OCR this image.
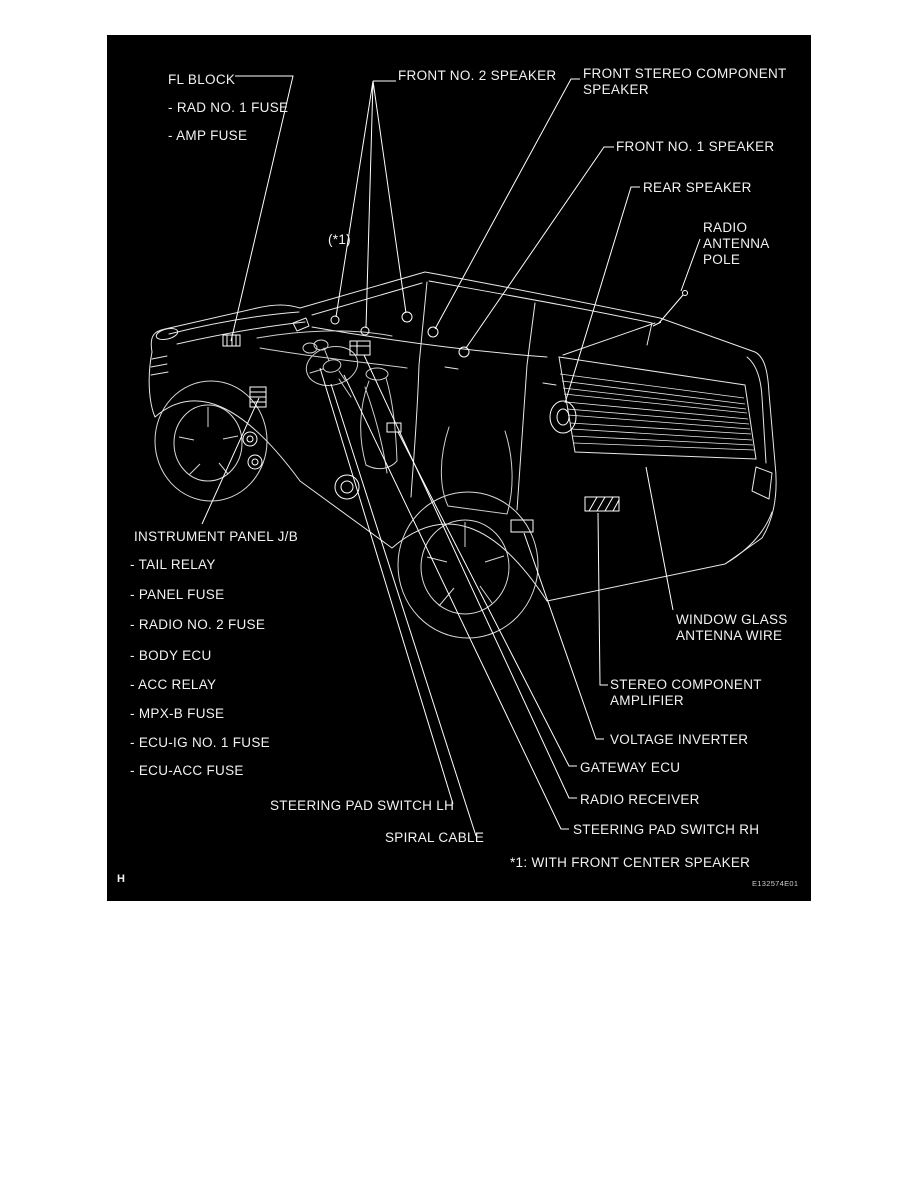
FL BLOCK
- RAD NO. 1 FUSE
- AMP FUSE
FRONT NO. 2 SPEAKER FRONT STEREO COMPONENT SPEAKER
FRONT NO. 1 SPEAKER
REAR SPEAKER
RADIO ANTENNA POLE
(*1)
INSTRUMENT PANEL J/B
- TAIL RELAY
- PANEL FUSE
- RADIO NO. 2 FUSE
- BODY ECU
- ACC RELAY
- MPX-B FUSE
- ECU-IG NO. 1 FUSE
- ECU-ACC FUSE
WINDOW GLASS ANTENNA WIRE
STEREO COMPONENT AMPLIFIER
VOLTAGE INVERTER
GATEWAY ECU
RADIO RECEIVER
STEERING PAD SWITCH LH
SPIRAL CABLE
STEERING PAD SWITCH RH
*1: WITH FRONT CENTER SPEAKER
H	E132574E01
